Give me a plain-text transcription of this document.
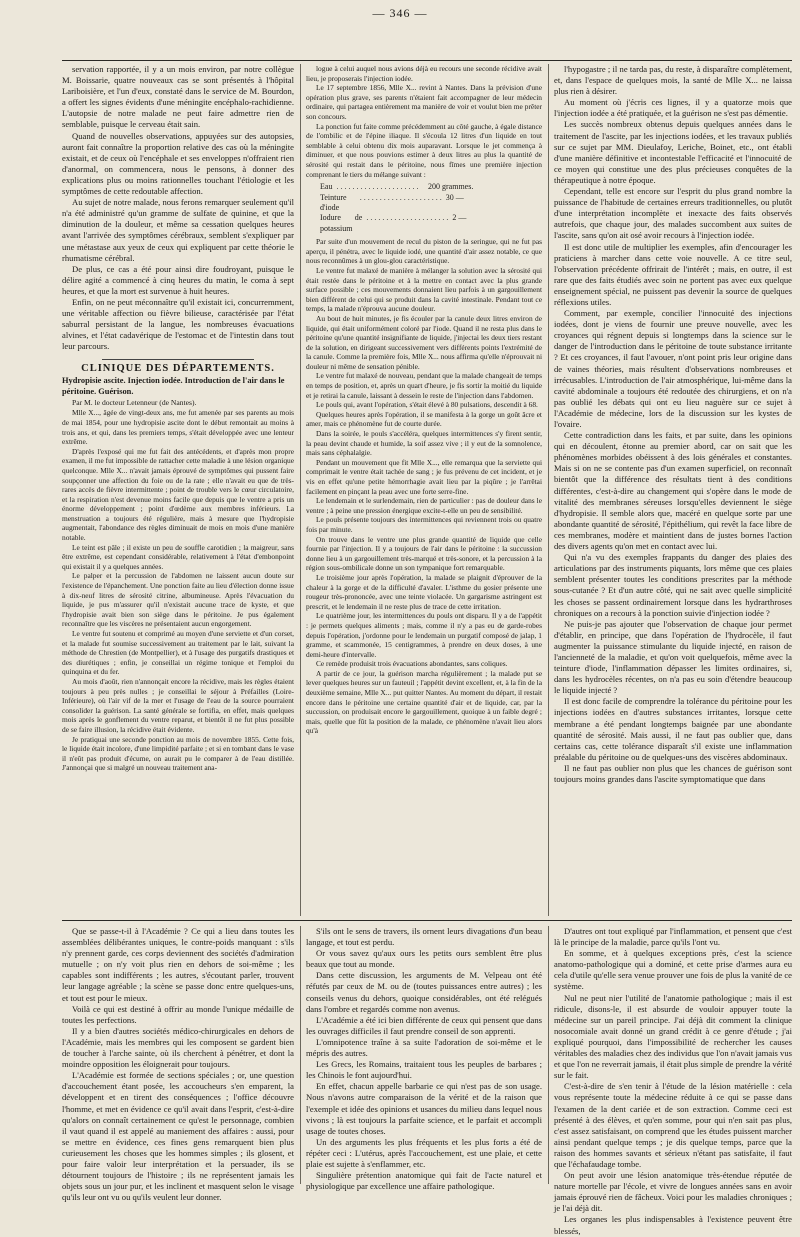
— 346 —

servation rapportée, il y a un mois environ, par notre collègue M. Boissarie, quatre nouveaux cas se sont présentés à l'hôpital Lariboisière, et l'un d'eux, constaté dans le service de M. Bourdon, a offert les signes évidents d'une méningite encéphalo-rachidienne. L'autopsie de notre malade ne peut faire admettre rien de semblable, puisque le cerveau était sain.

Quand de nouvelles observations, appuyées sur des autopsies, auront fait connaître la proportion relative des cas où la méningite existait, et de ceux où l'encéphale et ses enveloppes n'offraient rien d'anormal, on commencera, nous le pensons, à donner des explications plus ou moins rationnelles touchant l'étiologie et les symptômes de cette redoutable affection.

Au sujet de notre malade, nous ferons remarquer seulement qu'il n'a été administré qu'un gramme de sulfate de quinine, et que la diminution de la douleur, et même sa cessation quelques heures avant l'arrivée des symptômes cérébraux, semblent s'expliquer par une métastase aux yeux de ceux qui expliquent par cette théorie le rhumatisme cérébral.

De plus, ce cas a été pour ainsi dire foudroyant, puisque le délire agité a commencé à cinq heures du matin, le coma à sept heures, et que la mort est survenue à huit heures.

Enfin, on ne peut méconnaître qu'il existait ici, concurremment, une véritable affection ou fièvre bilieuse, caractérisée par l'état saburral persistant de la langue, les nombreuses évacuations alvines, et l'état cadavérique de l'estomac et de l'intestin dans tout leur parcours.

CLINIQUE DES DÉPARTEMENTS.

Hydropisie ascite. Injection iodée. Introduction de l'air dans le péritoine. Guérison.

Par M. le docteur Letenneur (de Nantes).

Mlle X..., âgée de vingt-deux ans, me fut amenée par ses parents au mois de mai 1854, pour une hydropisie ascite dont le début remontait au moins à trois ans, et qui, dans les premiers temps, s'était développée avec une lenteur extrême.

D'après l'exposé qui me fut fait des antécédents, et d'après mon propre examen, il me fut impossible de rattacher cette maladie à une lésion organique quelconque. Mlle X... n'avait jamais éprouvé de symptômes qui pussent faire soupçonner une affection du foie ou de la rate ; elle n'avait eu que de très-rares accès de fièvre intermittente ; point de trouble vers le cœur circulatoire, et la respiration n'est devenue moins facile que depuis que le ventre a pris un énorme développement ; point d'œdème aux membres inférieurs. La menstruation a toujours été régulière, mais à mesure que l'hydropisie augmentait, l'abondance des règles diminuait de mois en mois d'une manière notable.

Le teint est pâle ; il existe un peu de souffle carotidien ; la maigreur, sans être extrême, est cependant considérable, relativement à l'état d'embonpoint qui existait il y a quelques années.

Le palper et la percussion de l'abdomen ne laissent aucun doute sur l'existence de l'épanchement. Une ponction faite au lieu d'élection donne issue à dix-neuf litres de sérosité citrine, albumineuse. Après l'évacuation du liquide, je pus m'assurer qu'il n'existait aucune trace de kyste, et que l'hydropisie avait bien son siège dans le péritoine. Je pus également reconnaître que les viscères ne présentaient aucun engorgement.

Le ventre fut soutenu et comprimé au moyen d'une serviette et d'un corset, et la malade fut soumise successivement au traitement par le lait, suivant la méthode de Chrestien (de Montpellier), et à l'usage des purgatifs drastiques et des diurétiques ; enfin, je conseillai un régime tonique et l'emploi du quinquina et du fer.

Au mois d'août, rien n'annonçait encore la récidive, mais les règles étaient toujours à peu près nulles ; je conseillai le séjour à Préfailles (Loire-Inférieure), où l'air vif de la mer et l'usage de l'eau de la source pourraient consolider la guérison. La santé générale se fortifia, en effet, mais quelques mois après le gonflement du ventre reparut, et bientôt il ne fut plus possible de se faire illusion, la récidive était évidente.

Je pratiquai une seconde ponction au mois de novembre 1855. Cette fois, le liquide était incolore, d'une limpidité parfaite ; et si en tombant dans le vase il n'eût pas produit d'écume, on aurait pu le comparer à de l'eau distillée. J'annonçai que si malgré un nouveau traitement ana-

logue à celui auquel nous avions déjà eu recours une seconde récidive avait lieu, je proposerais l'injection iodée.

Le 17 septembre 1856, Mlle X... revint à Nantes. Dans la prévision d'une opération plus grave, ses parents n'étaient fait accompagner de leur médecin ordinaire, qui partagea entièrement ma manière de voir et voulut bien me prêter son concours.

La ponction fut faite comme précédemment au côté gauche, à égale distance de l'ombilic et de l'épine iliaque. Il s'écoula 12 litres d'un liquide en tout semblable à celui obtenu dix mois auparavant. Lorsque le jet commença à diminuer, et que nous pouvions estimer à deux litres au plus la quantité de sérosité qui restait dans le péritoine, nous fîmes une première injection comprenant le tiers du mélange suivant :

Eau . . . . . . . . . . . . . . . . . . . . .	200 grammes.
Teinture d'iode
. . . . . . . . . . . . . . . . . . . . . 30 —
Iodure de potassium
. . . . . . . . . . . . . . . . . . . . . 2 —

Par suite d'un mouvement de recul du piston de la seringue, qui ne fut pas aperçu, il pénétra, avec le liquide iodé, une quantité d'air assez notable, ce que nous reconnûmes à un glou-glou caractéristique.

Le ventre fut malaxé de manière à mélanger la solution avec la sérosité qui était restée dans le péritoine et à la mettre en contact avec la plus grande surface possible ; ces mouvements donnaient lieu parfois à un gargouillement bien différent de celui qui se produit dans la cavité intestinale. Pendant tout ce temps, la malade n'éprouva aucune douleur.

Au bout de huit minutes, je fis écouler par la canule deux litres environ de liquide, qui était uniformément coloré par l'iode. Quand il ne resta plus dans le péritoine qu'une quantité insignifiante de liquide, j'injectai les deux tiers restant de la solution, en dirigeant successivement vers différents points l'extrémité de la canule. Comme la première fois, Mlle X... nous affirma qu'elle n'éprouvait ni douleur ni même de sensation pénible.

Le ventre fut malaxé de nouveau, pendant que la malade changeait de temps en temps de position, et, après un quart d'heure, je fis sortir la moitié du liquide et je retirai la canule, laissant à dessein le reste de l'injection dans l'abdomen.

Le pouls qui, avant l'opération, s'était élevé à 80 pulsations, descendit à 68.

Quelques heures après l'opération, il se manifesta à la gorge un goût âcre et amer, mais ce phénomène fut de courte durée.

Dans la soirée, le pouls s'accéléra, quelques intermittences s'y firent sentir, la peau devint chaude et humide, la soif assez vive ; il y eut de la somnolence, mais sans céphalalgie.

Pendant un mouvement que fit Mlle X..., elle remarqua que la serviette qui comprimait le ventre était tachée de sang ; je fus prévenu de cet incident, et je vis en effet qu'une petite hémorrhagie avait lieu par la piqûre ; je l'arrêtai facilement en pinçant la peau avec une forte serre-fine.

Le lendemain et le surlendemain, rien de particulier : pas de douleur dans le ventre ; à peine une pression énergique excite-t-elle un peu de sensibilité.

Le pouls présente toujours des intermittences qui reviennent trois ou quatre fois par minute.

On trouve dans le ventre une plus grande quantité de liquide que celle fournie par l'injection. Il y a toujours de l'air dans le péritoine : la succussion donne lieu à un gargouillement très-marqué et très-sonore, et la percussion à la région sous-ombilicale donne un son tympanique fort remarquable.

Le troisième jour après l'opération, la malade se plaignit d'éprouver de la chaleur à la gorge et de la difficulté d'avaler. L'isthme du gosier présente une rougeur très-prononcée, avec une teinte violacée. Un gargarisme astringent est prescrit, et le lendemain il ne reste plus de trace de cette irritation.

Le quatrième jour, les intermittences du pouls ont disparu. Il y a de l'appétit : je permets quelques aliments ; mais, comme il n'y a pas eu de garde-robes depuis l'opération, j'ordonne pour le lendemain un purgatif composé de jalap, 1 gramme, et scammonée, 15 centigrammes, à prendre en deux doses, à une demi-heure d'intervalle.

Ce remède produisit trois évacuations abondantes, sans coliques.

A partir de ce jour, la guérison marcha régulièrement ; la malade put se lever quelques heures sur un fauteuil ; l'appétit devint excellent, et, à la fin de la deuxième semaine, Mlle X... put quitter Nantes. Au moment du départ, il restait encore dans le péritoine une certaine quantité d'air et de liquide, car, par la succussion, on produisait encore le gargouillement, quoique à un faible degré ; mais, quelle que fût la position de la malade, ce phénomène n'avait lieu alors qu'à

l'hypogastre ; il ne tarda pas, du reste, à disparaître complètement, et, dans l'espace de quelques mois, la santé de Mlle X... ne laissa plus rien à désirer.

Au moment où j'écris ces lignes, il y a quatorze mois que l'injection iodée a été pratiquée, et la guérison ne s'est pas démentie.

Les succès nombreux obtenus depuis quelques années dans le traitement de l'ascite, par les injections iodées, et les travaux publiés sur ce sujet par MM. Dieulafoy, Leriche, Boinet, etc., ont établi d'une manière définitive et incontestable l'efficacité et l'innocuité de ce moyen qui constitue une des plus précieuses conquêtes de la thérapeutique à notre époque.

Cependant, telle est encore sur l'esprit du plus grand nombre la puissance de l'habitude de certaines erreurs traditionnelles, ou plutôt d'une interprétation incomplète et inexacte des faits observés autrefois, que chaque jour, des malades succombent aux suites de l'ascite, sans qu'on ait osé avoir recours à l'injection iodée.

Il est donc utile de multiplier les exemples, afin d'encourager les praticiens à marcher dans cette voie nouvelle. A ce titre seul, l'observation précédente offrirait de l'intérêt ; mais, en outre, il est rare que des faits étudiés avec soin ne portent pas avec eux quelque enseignement spécial, ne puissent pas devenir la source de quelques réflexions utiles.

Comment, par exemple, concilier l'innocuité des injections iodées, dont je viens de fournir une preuve nouvelle, avec les croyances qui régnent depuis si longtemps dans la science sur le danger de l'introduction dans le péritoine de toute substance irritante ? Et ces croyances, il faut l'avouer, n'ont point pris leur origine dans de vaines théories, mais résultent d'observations nombreuses et irrécusables. L'introduction de l'air atmosphérique, lui-même dans la cavité abdominale a toujours été redoutée des chirurgiens, et on n'a pas oublié les débats qui ont eu lieu naguère sur ce sujet à l'Académie de médecine, lors de la discussion sur les kystes de l'ovaire.

Cette contradiction dans les faits, et par suite, dans les opinions qui en découlent, étonne au premier abord, car on sait que les phénomènes morbides obéissent à des lois générales et constantes. Mais si on ne se contente pas d'un examen superficiel, on reconnaît bientôt que la différence des résultats tient à des conditions différentes, c'est-à-dire au changement qui s'opère dans le mode de vitalité des membranes séreuses lorsqu'elles deviennent le siège d'hydropisie. Il semble alors que, macéré en quelque sorte par une abondante quantité de sérosité, l'épithélium, qui revêt la face libre de ces membranes, modère et maintient dans de justes bornes l'action des divers agents qu'on met en contact avec lui.

Qui n'a vu des exemples frappants du danger des plaies des articulations par des instruments piquants, lors même que ces plaies semblent présenter toutes les conditions prescrites par la méthode sous-cutanée ? Et d'un autre côté, qui ne sait avec quelle simplicité les choses se passent ordinairement lorsque dans les hydrarthroses chroniques on a recours à la ponction suivie d'injection iodée ?

Ne puis-je pas ajouter que l'observation de chaque jour permet d'établir, en principe, que dans l'opération de l'hydrocèle, il faut augmenter la puissance stimulante du liquide injecté, en raison de l'ancienneté de la maladie, et qu'on voit quelquefois, même avec la teinture d'iode, l'inflammation dépasser les limites ordinaires, si, dans les hydrocèles récentes, on n'a pas eu soin d'étendre beaucoup le liquide injecté ?

Il est donc facile de comprendre la tolérance du péritoine pour les injections iodées en d'autres substances irritantes, lorsque cette membrane a été pendant longtemps baignée par une abondante quantité de sérosité. Mais aussi, il ne faut pas oublier que, dans certains cas, cette tolérance disparaît s'il existe une inflammation préalable du péritoine ou de quelques-uns des viscères abdominaux.

Il ne faut pas oublier non plus que les chances de guérison sont toujours moins grandes dans l'ascite symptomatique que dans

Que se passe-t-il à l'Académie ? Ce qui a lieu dans toutes les assemblées délibérantes uniques, le contre-poids manquant : s'ils n'y prennent garde, ces corps deviennent des sociétés d'admiration mutuelle ; on n'y voit plus rien en dehors de soi-même ; les capables sont indifférents ; les autres, s'écoutant parler, trouvent leur langage agréable ; la scène se passe donc entre quelques-uns, et tout est pour le mieux.

Voilà ce qui est destiné à offrir au monde l'unique médaille de toutes les perfections.

Il y a bien d'autres sociétés médico-chirurgicales en dehors de l'Académie, mais les membres qui les composent se gardent bien de toucher à l'arche sainte, où ils cherchent à pénétrer, et dont la moindre opposition les éloignerait pour toujours.

L'Académie est formée de sections spéciales ; or, une question d'accouchement étant posée, les accoucheurs s'en emparent, la développent et en tirent des conséquences ; l'office découvre l'homme, et met en évidence ce qu'il avait dans l'esprit, c'est-à-dire qu'alors on connaît certainement ce qu'est le personnage, combien il vaut quand il est appelé au maniement des affaires : aussi, pour se mettre en évidence, ces fines gens remarquent bien plus curieusement les choses que les hommes simples ; ils glosent, et pour faire valoir leur interprétation et la persuader, ils se détournent toujours de l'histoire ; ils ne représentent jamais les objets sous un jour pur, et les inclinent et masquent selon le visage qu'ils leur ont vu ou qu'ils veulent leur donner.

S'ils ont le sens de travers, ils ornent leurs divagations d'un beau langage, et tout est perdu.

Or vous savez qu'aux ours les petits ours semblent être plus beaux que tout au monde.

Dans cette discussion, les arguments de M. Velpeau ont été réfutés par ceux de M. ou de (toutes puissances entre autres) ; les conseils venus du dehors, quoique considérables, ont été relégués dans l'ombre et regardés comme non avenus.

L'Académie a été ici bien différente de ceux qui pensent que dans les ouvrages difficiles il faut prendre conseil de son apprenti.

L'omnipotence traîne à sa suite l'adoration de soi-même et le mépris des autres.

Les Grecs, les Romains, traitaient tous les peuples de barbares ; les Chinois le font aujourd'hui.

En effet, chacun appelle barbarie ce qui n'est pas de son usage. Nous n'avons autre comparaison de la vérité et de la raison que l'exemple et idée des opinions et usances du milieu dans lequel nous vivons ; là est toujours la parfaite science, et le parfait et accompli usage de toutes choses.

Un des arguments les plus fréquents et les plus forts a été de répéter ceci : L'utérus, après l'accouchement, est une plaie, et cette plaie est sujette à s'enflammer, etc.

Singulière prétention anatomique qui fait de l'acte naturel et physiologique par excellence une affaire pathologique.

D'autres ont tout expliqué par l'inflammation, et pensent que c'est là le principe de la maladie, parce qu'ils l'ont vu.

En somme, et à quelques exceptions près, c'est la science anatomo-pathologique qui a dominé, et cette prise d'armes aura eu cela d'utile qu'elle sera venue prouver une fois de plus la vanité de ce système.

Nul ne peut nier l'utilité de l'anatomie pathologique ; mais il est ridicule, disons-le, il est absurde de vouloir appuyer toute la médecine sur un pareil principe. J'ai déjà dit comment la clinique nosocomiale avait donné un grand crédit à ce genre d'étude ; j'ai expliqué pourquoi, dans l'impossibilité de rechercher les causes véritables des maladies chez des individus que l'on n'avait jamais vus et que l'on ne reverrait jamais, il était plus simple de prendre la vérité sur le fait.

C'est-à-dire de s'en tenir à l'étude de la lésion matérielle : cela vous représente toute la médecine réduite à ce qui se passe dans l'examen de la dent cariée et de son extraction. Comme ceci est présenté à des élèves, et qu'en somme, pour qui n'en sait pas plus, c'est assez satisfaisant, on comprend que les études puissent marcher ainsi pendant quelque temps ; je dis quelque temps, parce que la raison des hommes savants et sérieux n'étant pas satisfaite, il faut que l'échafaudage tombe.

On peut avoir une lésion anatomique très-étendue réputée de nature mortelle par l'école, et vivre de longues années sans en avoir jamais éprouvé rien de fâcheux. Voici pour les maladies chroniques ; je l'ai déjà dit.

Les organes les plus indispensables à l'existence peuvent être blessés,
